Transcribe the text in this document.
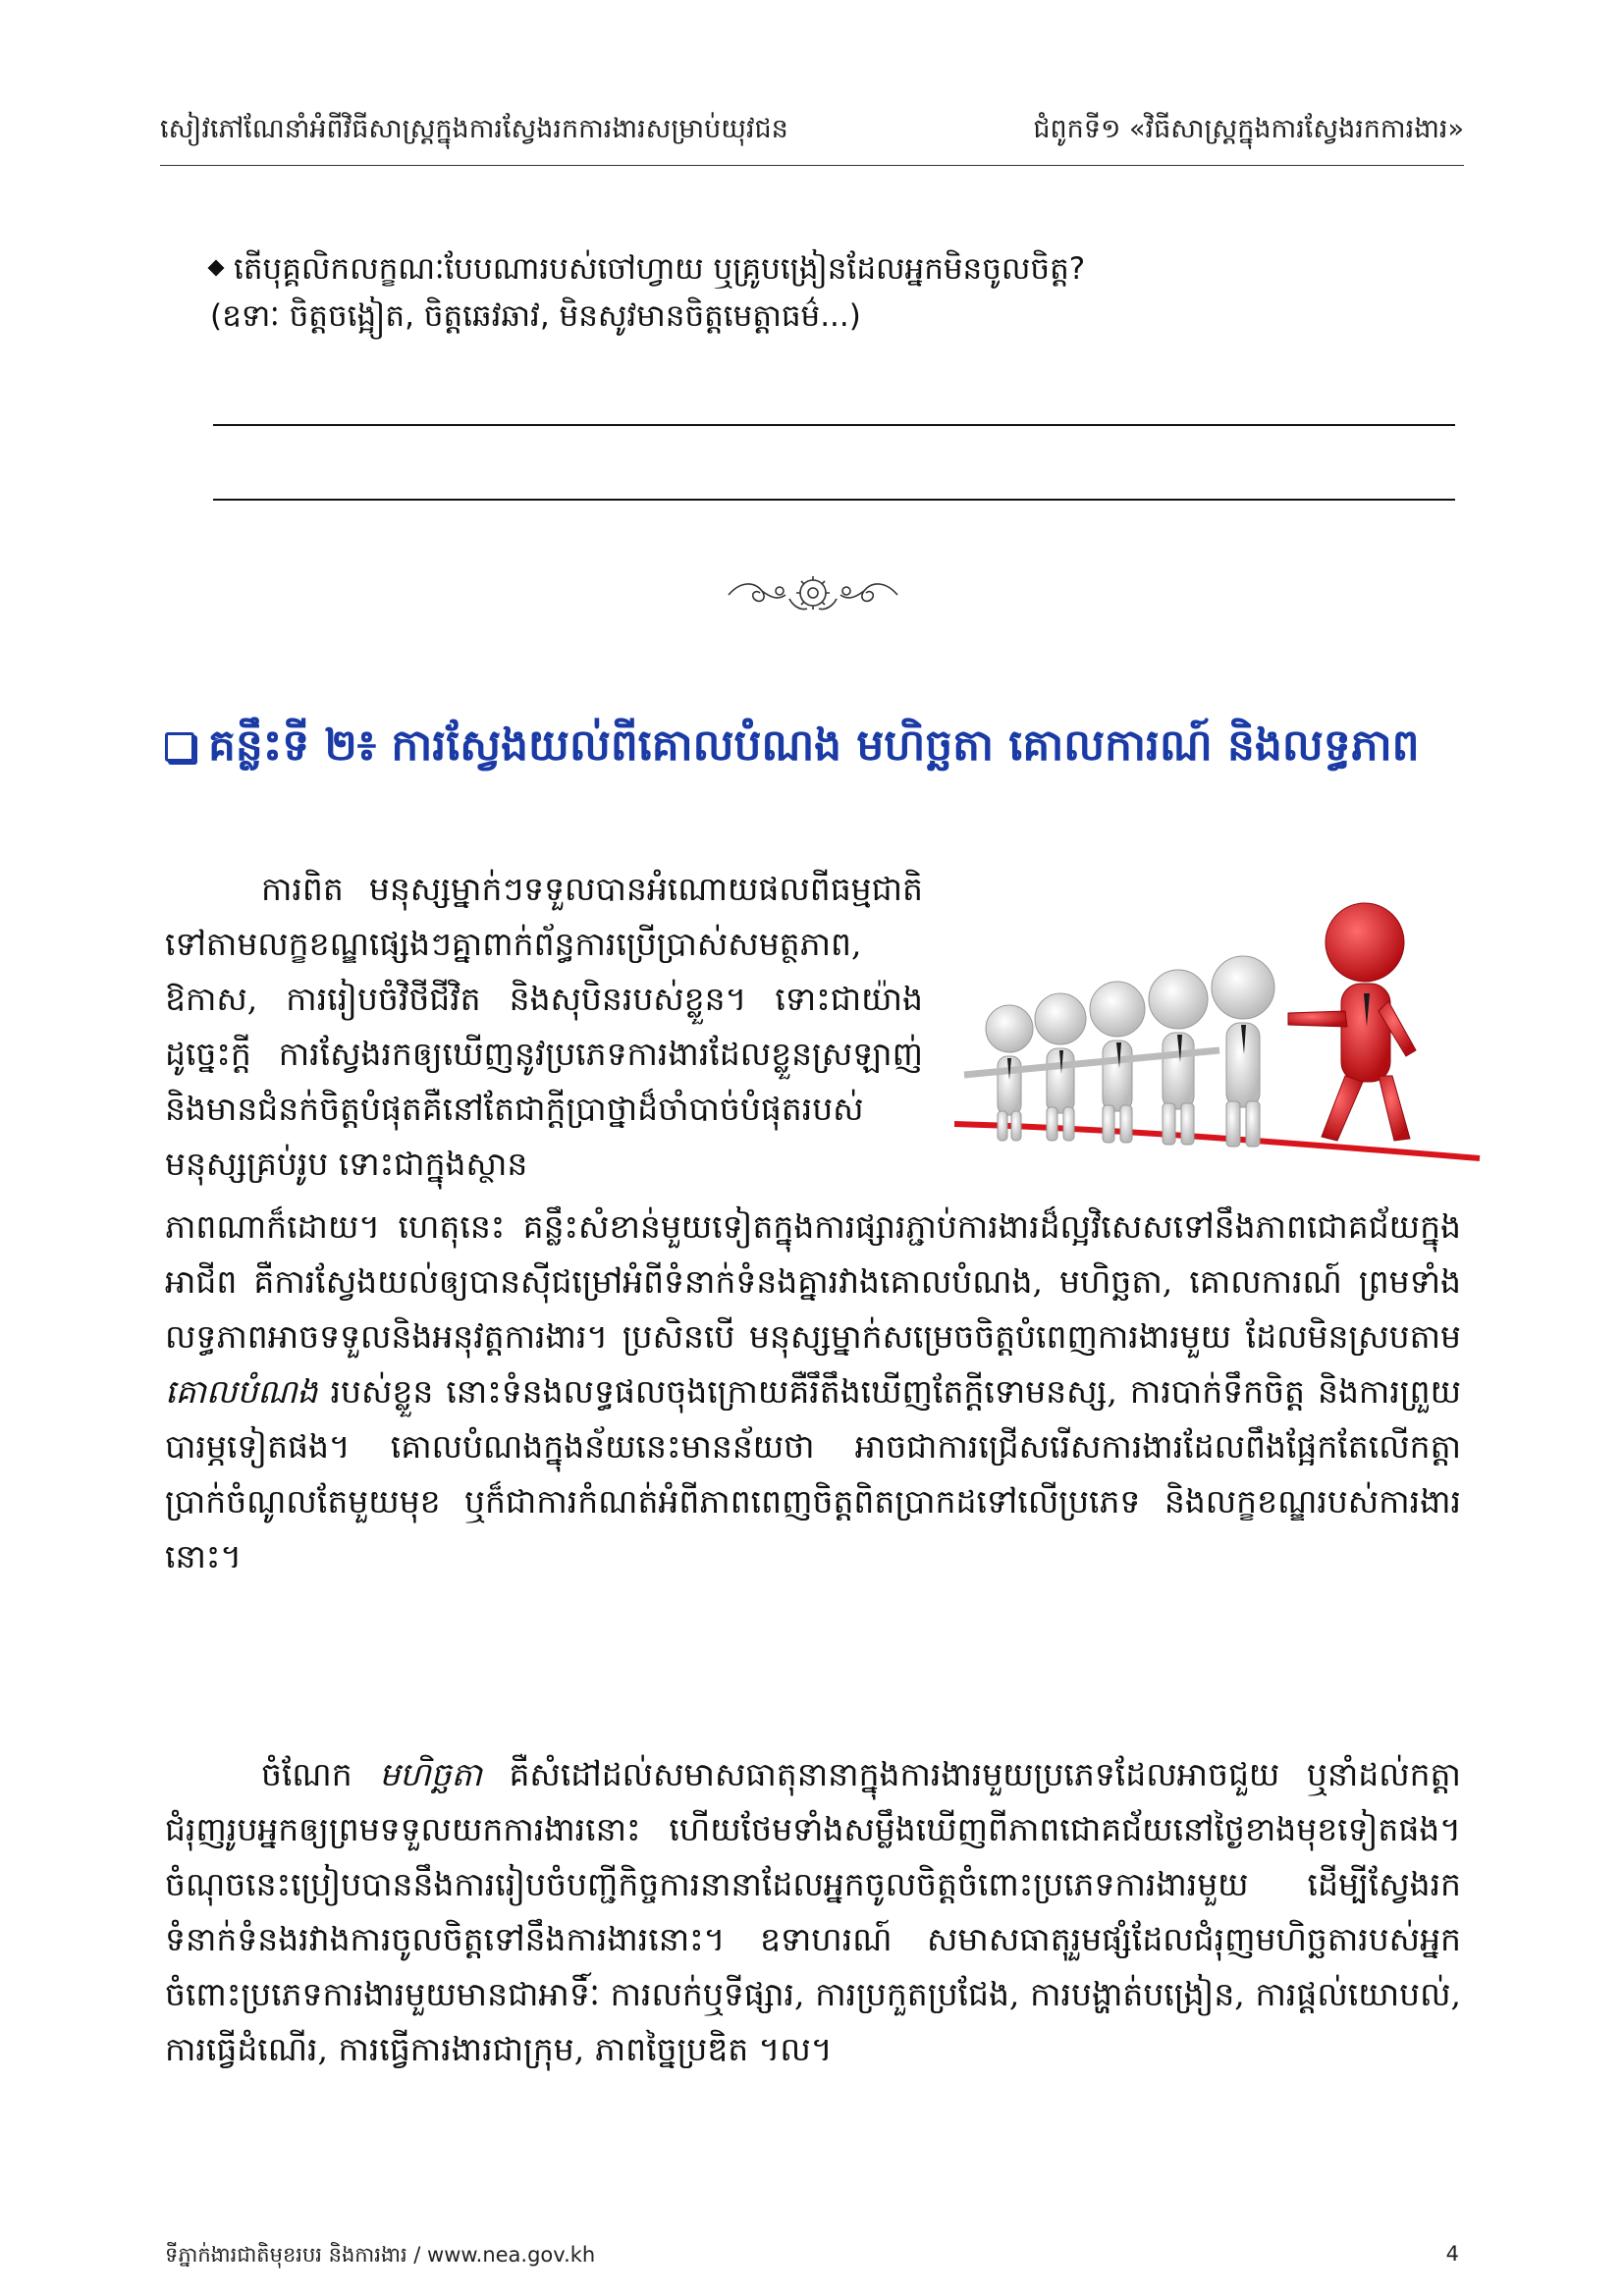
សៀវភៅណែនាំអំពីវិធីសាស្រ្តក្នុងការស្វែងរកការងារសម្រាប់យុវជន	ជំពូកទី១ «វិធីសាស្រ្តក្នុងការស្វែងរកការងារ»
តើបុគ្គលិកលក្ខណៈបែបណារបស់ចៅហ្វាយ ឬគ្រូបង្រៀនដែលអ្នកមិនចូលចិត្ត?
(ឧទាៈ ចិត្តចង្អៀត, ចិត្តឆេវឆាវ, មិនសូវមានចិត្តមេត្តាធម៌...)
គន្លឹះទី ២៖ ការស្វែងយល់ពីគោលបំណង មហិច្ឆតា គោលការណ៍ និងលទ្ធភាព
ការពិត មនុស្សម្នាក់ៗទទួលបានអំណោយផលពីធម្មជាតិទៅតាមលក្ខខណ្ឌផ្សេងៗគ្នាពាក់ព័ន្ធការប្រើប្រាស់សមត្ថភាព, ឱកាស, ការរៀបចំវិថីជីវិត និងសុបិនរបស់ខ្លួន។ ទោះជាយ៉ាងដូច្នេះក្តី ការស្វែងរកឲ្យឃើញនូវប្រភេទការងារដែលខ្លួនស្រឡាញ់ និងមានជំនក់ចិត្តបំផុតគឺនៅតែជាក្តីប្រាថ្នាដ៏ចាំបាច់បំផុតរបស់មនុស្សគ្រប់រូប ទោះជាក្នុងស្ថាន
ភាពណាក៏ដោយ។ ហេតុនេះ គន្លឹះសំខាន់មួយទៀតក្នុងការផ្សារភ្ជាប់ការងារដ៏ល្អវិសេសទៅនឹងភាពជោគជ័យក្នុងអាជីព គឺការស្វែងយល់ឲ្យបានស៊ីជម្រៅអំពីទំនាក់ទំនងគ្នារវាងគោលបំណង, មហិច្ឆតា, គោលការណ៍ ព្រមទាំងលទ្ធភាពអាចទទួលនិងអនុវត្តការងារ។ ប្រសិនបើ មនុស្សម្នាក់សម្រេចចិត្តបំពេញការងារមួយ ដែលមិនស្របតាម គោលបំណង របស់ខ្លួន នោះទំនងលទ្ធផលចុងក្រោយគឺរឹតឹងឃើញតែក្តីទោមនស្ស, ការបាក់ទឹកចិត្ត និងការព្រួយបារម្ភទៀតផង។ គោលបំណងក្នុងន័យនេះមានន័យថា អាចជាការជ្រើសរើសការងារដែលពឹងផ្អែកតែលើកត្តាប្រាក់ចំណូលតែមួយមុខ ឬក៏ជាការកំណត់អំពីភាពពេញចិត្តពិតប្រាកដទៅលើប្រភេទ និងលក្ខខណ្ឌរបស់ការងារនោះ។
ចំណែក មហិច្ឆតា គឺសំដៅដល់សមាសធាតុនានាក្នុងការងារមួយប្រភេទដែលអាចជួយ ឬនាំដល់កត្តាជំរុញរូបអ្នកឲ្យព្រមទទួលយកការងារនោះ ហើយថែមទាំងសម្លឹងឃើញពីភាពជោគជ័យនៅថ្ងៃខាងមុខទៀតផង។ ចំណុចនេះប្រៀបបាននឹងការរៀបចំបញ្ជីកិច្ចការនានាដែលអ្នកចូលចិត្តចំពោះប្រភេទការងារមួយ ដើម្បីស្វែងរកទំនាក់ទំនងរវាងការចូលចិត្តទៅនឹងការងារនោះ។ ឧទាហរណ៍ សមាសធាតុរួមផ្សំដែលជំរុញមហិច្ឆតារបស់អ្នកចំពោះប្រភេទការងារមួយមានជាអាទិ៍ៈ ការលក់ឬទីផ្សារ, ការប្រកួតប្រជែង, ការបង្ហាត់បង្រៀន, ការផ្តល់យោបល់, ការធ្វើដំណើរ, ការធ្វើការងារជាក្រុម, ភាពច្នៃប្រឌិត ។ល។
ទីភ្នាក់ងារជាតិមុខរបរ និងការងារ / www.nea.gov.kh	4
